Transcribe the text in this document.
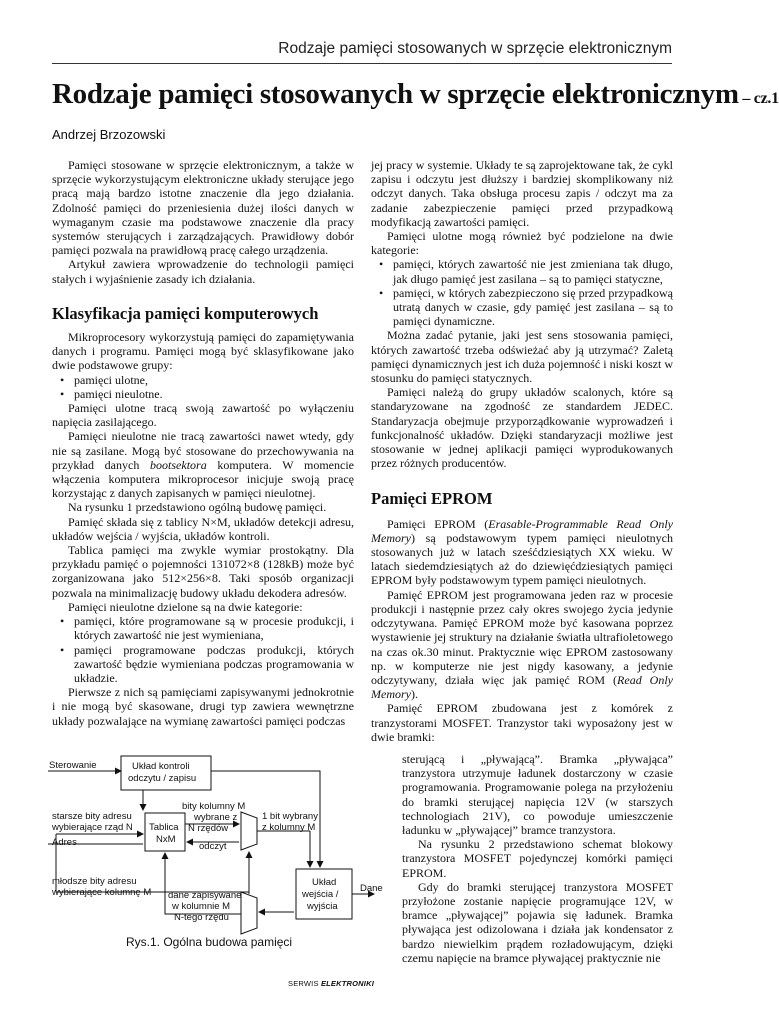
Rodzaje pamięci stosowanych w sprzęcie elektronicznym
Rodzaje pamięci stosowanych w sprzęcie elektronicznym – cz.1
Andrzej Brzozowski

Pamięci stosowane w sprzęcie elektronicznym, a także w sprzęcie wykorzystującym elektroniczne układy sterujące jego pracą mają bardzo istotne znaczenie dla jego działania. Zdolność pamięci do przeniesienia dużej ilości danych w wymaganym czasie ma podstawowe znaczenie dla pracy systemów sterujących i zarządzających. Prawidłowy dobór pamięci pozwala na prawidłową pracę całego urządzenia.

Artykuł zawiera wprowadzenie do technologii pamięci stałych i wyjaśnienie zasady ich działania.

Klasyfikacja pamięci komputerowych

Mikroprocesory wykorzystują pamięci do zapamiętywania danych i programu. Pamięci mogą być sklasyfikowane jako dwie podstawowe grupy:

• pamięci ulotne,
• pamięci nieulotne.

Pamięci ulotne tracą swoją zawartość po wyłączeniu napięcia zasilającego.

Pamięci nieulotne nie tracą zawartości nawet wtedy, gdy nie są zasilane. Mogą być stosowane do przechowywania na przykład danych bootsektora komputera. W momencie włączenia komputera mikroprocesor inicjuje swoją pracę korzystając z danych zapisanych w pamięci nieulotnej.

Na rysunku 1 przedstawiono ogólną budowę pamięci.

Pamięć składa się z tablicy N×M, układów detekcji adresu, układów wejścia / wyjścia, układów kontroli.

Tablica pamięci ma zwykle wymiar prostokątny. Dla przykładu pamięć o pojemności 131072×8 (128kB) może być zorganizowana jako 512×256×8. Taki sposób organizacji pozwala na minimalizację budowy układu dekodera adresów.

Pamięci nieulotne dzielone są na dwie kategorie:

• pamięci, które programowane są w procesie produkcji, i których zawartość nie jest wymieniana,
• pamięci programowane podczas produkcji, których zawartość będzie wymieniana podczas programowania w układzie.

Pierwsze z nich są pamięciami zapisywanymi jednokrotnie i nie mogą być skasowane, drugi typ zawiera wewnętrzne układy pozwalające na wymianę zawartości pamięci podczas

jej pracy w systemie. Układy te są zaprojektowane tak, że cykl zapisu i odczytu jest dłuższy i bardziej skomplikowany niż odczyt danych. Taka obsługa procesu zapis / odczyt ma za zadanie zabezpieczenie pamięci przed przypadkową modyfikacją zawartości pamięci.

Pamięci ulotne mogą również być podzielone na dwie kategorie:

• pamięci, których zawartość nie jest zmieniana tak długo, jak długo pamięć jest zasilana – są to pamięci statyczne,
• pamięci, w których zabezpieczono się przed przypadkową utratą danych w czasie, gdy pamięć jest zasilana – są to pamięci dynamiczne.

Można zadać pytanie, jaki jest sens stosowania pamięci, których zawartość trzeba odświeżać aby ją utrzymać? Zaletą pamięci dynamicznych jest ich duża pojemność i niski koszt w stosunku do pamięci statycznych.

Pamięci należą do grupy układów scalonych, które są standaryzowane na zgodność ze standardem JEDEC. Standaryzacja obejmuje przyporządkowanie wyprowadzeń i funkcjonalność układów. Dzięki standaryzacji możliwe jest stosowanie w jednej aplikacji pamięci wyprodukowanych przez różnych producentów.

Pamięci EPROM

Pamięci EPROM (Erasable-Programmable Read Only Memory) są podstawowym typem pamięci nieulotnych stosowanych już w latach sześćdziesiątych XX wieku. W latach siedemdziesiątych aż do dziewięćdziesiątych pamięci EPROM były podstawowym typem pamięci nieulotnych.

Pamięć EPROM jest programowana jeden raz w procesie produkcji i następnie przez cały okres swojego życia jedynie odczytywana. Pamięć EPROM może być kasowana poprzez wystawienie jej struktury na działanie światła ultrafioletowego na czas ok.30 minut. Praktycznie więc EPROM zastosowany np. w komputerze nie jest nigdy kasowany, a jedynie odczytywany, działa więc jak pamięć ROM (Read Only Memory).

Pamięć EPROM zbudowana jest z komórek z tranzystorami MOSFET. Tranzystor taki wyposażony jest w dwie bramki:

sterującą i „pływającą”. Bramka „pływająca” tranzystora utrzymuje ładunek dostarczony w czasie programowania. Programowanie polega na przyłożeniu do bramki sterującej napięcia 12V (w starszych technologiach 21V), co powoduje umieszczenie ładunku w „pływającej” bramce tranzystora.

Na rysunku 2 przedstawiono schemat blokowy tranzystora MOSFET pojedynczej komórki pamięci EPROM.

Gdy do bramki sterującej tranzystora MOSFET przyłożone zostanie napięcie programujące 12V, w bramce „pływającej” pojawia się ładunek. Bramka pływająca jest odizolowana i działa jak kondensator z bardzo niewielkim prądem rozładowującym, dzięki czemu napięcie na bramce pływającej praktycznie nie

Sterowanie	Układ kontroli
odczytu / zapisu
starsze bity adresu
wybierające rząd N
Adres
Tablica
NxM
bity kolumny M
wybrane z
N rzędów
odczyt
1 bit wybrany
z kolumny M
młodsze bity adresu
wybierające kolumnę M dane zapisywane
w kolumnie M
N-tego rzędu
Układ
wejścia /
wyjścia
Dane
Rys.1. Ogólna budowa pamięci
SERWIS ELEKTRONIKI
